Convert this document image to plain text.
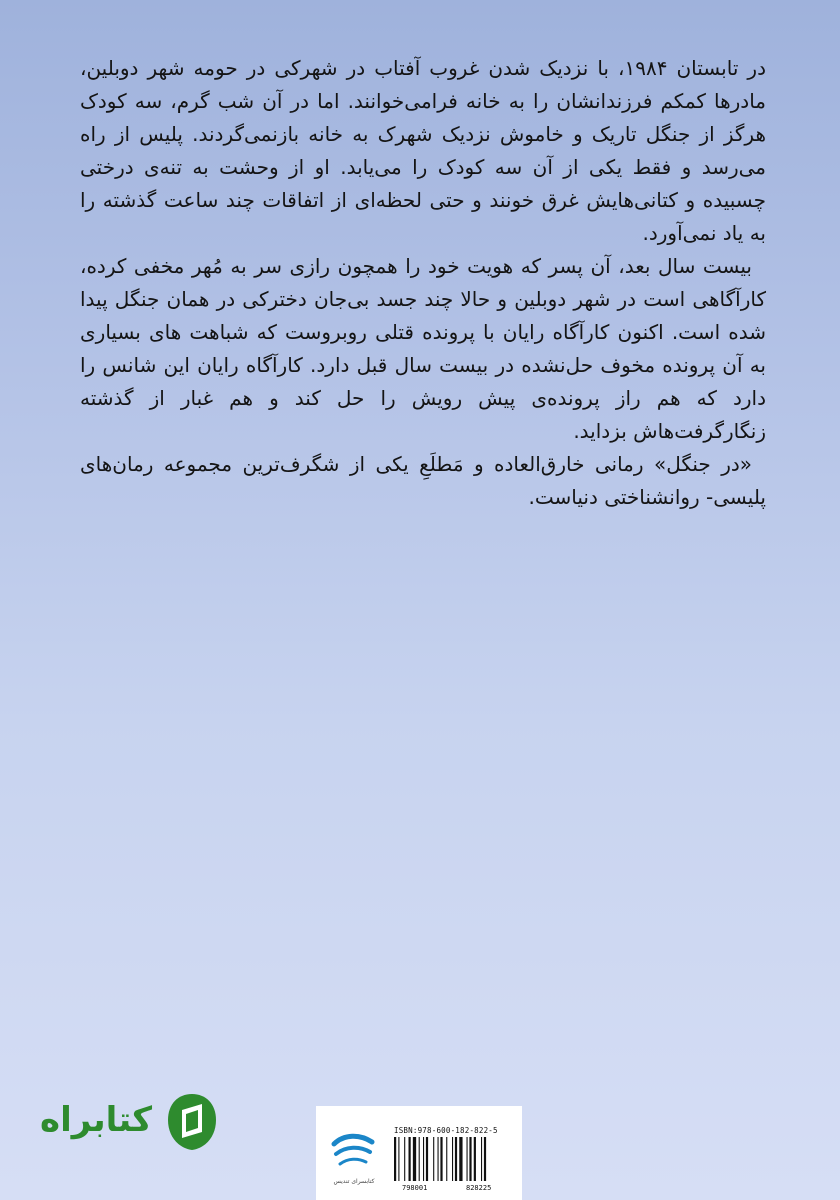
در تابستان ۱۹۸۴، با نزدیک شدن غروب آفتاب در شهرکی در حومه شهر دوبلین، مادرها کمکم فرزندانشان را به خانه فرامی‌خوانند. اما در آن شب گرم، سه کودک هرگز از جنگل تاریک و خاموش نزدیک شهرک به خانه بازنمی‌گردند. پلیس از راه می‌رسد و فقط یکی از آن سه کودک را می‌یابد. او از وحشت به تنه‌ی درختی چسبیده و کتانی‌هایش غرق خونند و حتی لحظه‌ای از اتفاقات چند ساعت گذشته را به یاد نمی‌آورد.

بیست سال بعد، آن پسر که هویت خود را همچون رازی سر به مُهر مخفی کرده، کارآگاهی است در شهر دوبلین و حالا چند جسد بی‌جان دخترکی در همان جنگل پیدا شده است. اکنون کارآگاه رایان با پرونده قتلی روبروست که شباهت های بسیاری به آن پرونده مخوف حل‌نشده در بیست سال قبل دارد. کارآگاه رایان این شانس را دارد که هم راز پرونده‌ی پیش رویش را حل کند و هم غبار از گذشته زنگارگرفت‌هاش بزداید.

«در جنگل» رمانی خارق‌العاده و مَطلَعِ یکی از شگرف‌ترین مجموعه رمان‌های پلیسی- روانشناختی دنیاست.

کتابراه
کتابسرای تندیس
ISBN:978-600-182-822-5
798001	828225
